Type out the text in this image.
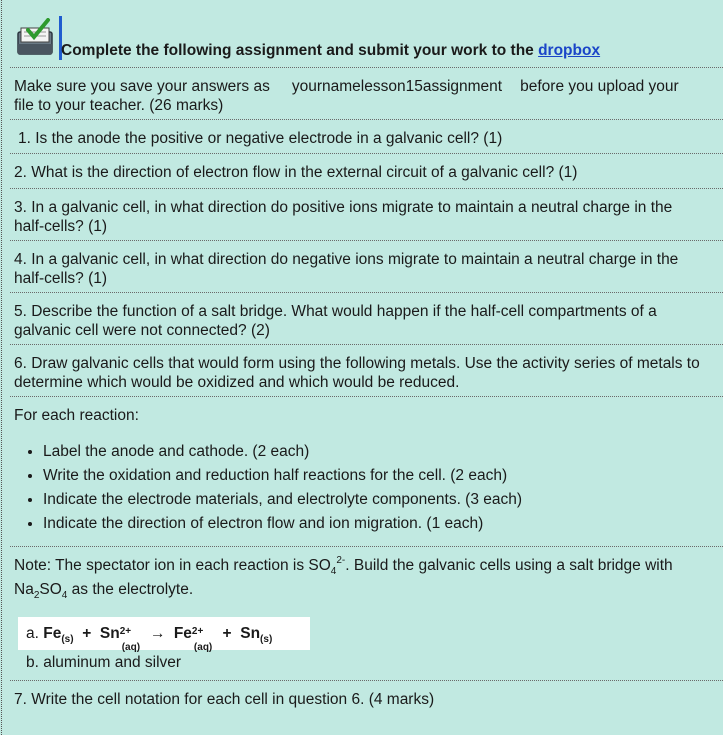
Complete the following assignment and submit your work to the dropbox
Make sure you save your answers as yournamelesson15assignment before you upload your
file to your teacher. (26 marks)
1. Is the anode the positive or negative electrode in a galvanic cell? (1)
2. What is the direction of electron flow in the external circuit of a galvanic cell? (1)
3. In a galvanic cell, in what direction do positive ions migrate to maintain a neutral charge in the
half-cells? (1)
4. In a galvanic cell, in what direction do negative ions migrate to maintain a neutral charge in the
half-cells? (1)
5. Describe the function of a salt bridge. What would happen if the half-cell compartments of a
galvanic cell were not connected? (2)
6. Draw galvanic cells that would form using the following metals. Use the activity series of metals to
determine which would be oxidized and which would be reduced.
For each reaction:
• Label the anode and cathode. (2 each)
• Write the oxidation and reduction half reactions for the cell. (2 each)
• Indicate the electrode materials, and electrolyte components. (3 each)
• Indicate the direction of electron flow and ion migration. (1 each)
Note: The spectator ion in each reaction is $SO_4^{2-}$. Build the galvanic cells using a salt bridge with
$Na_2SO_4$ as the electrolyte.
a. $Fe_{(s)} + Sn$ 2+
(aq)
→ Fe 2+
(aq)
+ $Sn_{(s)}$
b. aluminum and silver
7. Write the cell notation for each cell in question 6. (4 marks)
